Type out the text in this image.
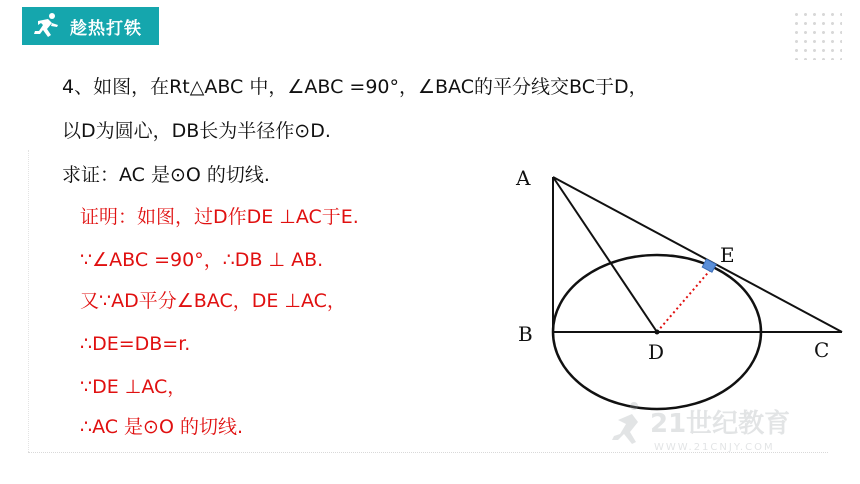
趁热打铁
4、如图，在Rt△ABC 中，∠ABC =90°，∠BAC的平分线交BC于D，
以D为圆心，DB长为半径作⊙D.
求证：AC 是⊙O 的切线.
证明：如图，过D作DE ⊥AC于E.
∵∠ABC =90°，∴DB ⊥ AB.
又∵AD平分∠BAC，DE ⊥AC，
∴DE=DB=r.
∵DE ⊥AC，
∴AC 是⊙O 的切线.
A
B
C
D
E
21世纪教育
WWW.21CNJY.COM
